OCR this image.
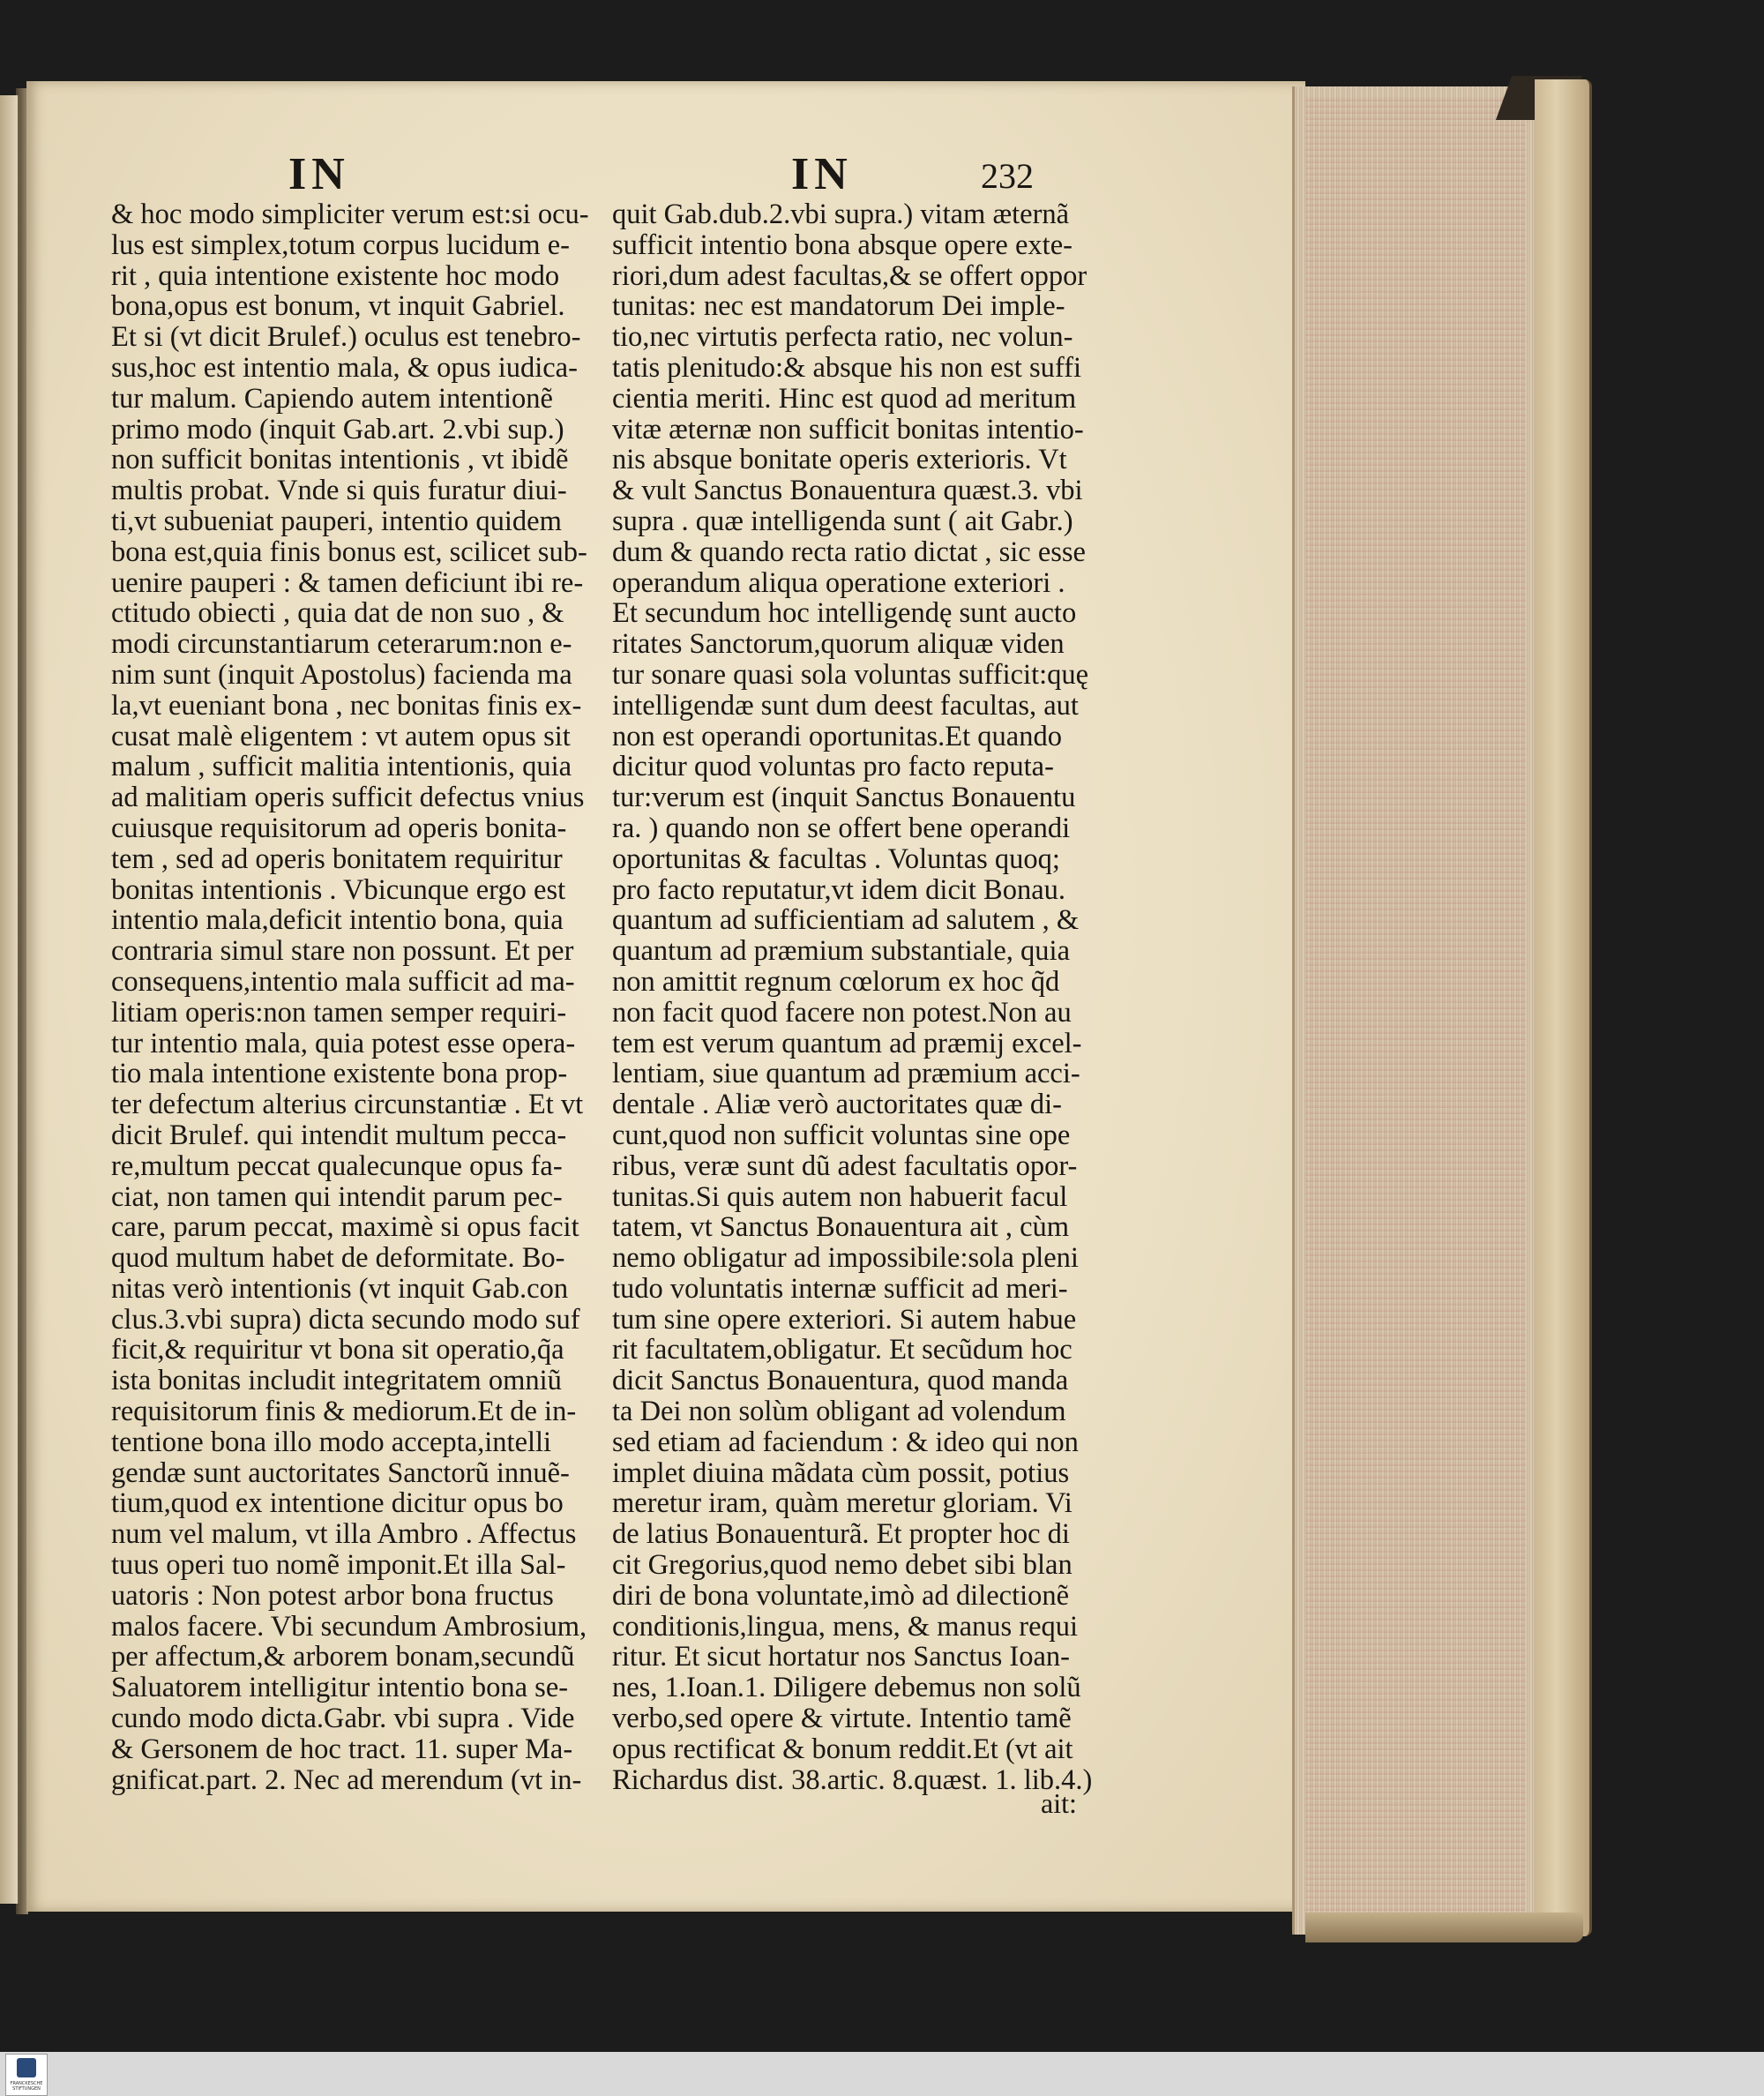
IN	IN	232
& hoc modo simpliciter verum est:si ocu-
lus est simplex,totum corpus lucidum e-
rit , quia intentione existente hoc modo
bona,opus est bonum, vt inquit Gabriel.
Et si (vt dicit Brulef.) oculus est tenebro-
sus,hoc est intentio mala, & opus iudica-
tur malum. Capiendo autem intentionẽ
primo modo (inquit Gab.art. 2.vbi sup.)
non sufficit bonitas intentionis , vt ibidẽ
multis probat. Vnde si quis furatur diui-
ti,vt subueniat pauperi, intentio quidem
bona est,quia finis bonus est, scilicet sub-
uenire pauperi : & tamen deficiunt ibi re-
ctitudo obiecti , quia dat de non suo , &
modi circunstantiarum ceterarum:non e-
nim sunt (inquit Apostolus) facienda ma
la,vt eueniant bona , nec bonitas finis ex-
cusat malè eligentem : vt autem opus sit
malum , sufficit malitia intentionis, quia
ad malitiam operis sufficit defectus vnius
cuiusque requisitorum ad operis bonita-
tem , sed ad operis bonitatem requiritur
bonitas intentionis . Vbicunque ergo est
intentio mala,deficit intentio bona, quia
contraria simul stare non possunt. Et per
consequens,intentio mala sufficit ad ma-
litiam operis:non tamen semper requiri-
tur intentio mala, quia potest esse opera-
tio mala intentione existente bona prop-
ter defectum alterius circunstantiæ . Et vt
dicit Brulef. qui intendit multum pecca-
re,multum peccat qualecunque opus fa-
ciat, non tamen qui intendit parum pec-
care, parum peccat, maximè si opus facit
quod multum habet de deformitate. Bo-
nitas verò intentionis (vt inquit Gab.con
clus.3.vbi supra) dicta secundo modo suf
ficit,& requiritur vt bona sit operatio,q̃a
ista bonitas includit integritatem omniũ
requisitorum finis & mediorum.Et de in-
tentione bona illo modo accepta,intelli
gendæ sunt auctoritates Sanctorũ innuẽ-
tium,quod ex intentione dicitur opus bo
num vel malum, vt illa Ambro . Affectus
tuus operi tuo nomẽ imponit.Et illa Sal-
uatoris : Non potest arbor bona fructus
malos facere. Vbi secundum Ambrosium,
per affectum,& arborem bonam,secundũ
Saluatorem intelligitur intentio bona se-
cundo modo dicta.Gabr. vbi supra . Vide
& Gersonem de hoc tract. 11. super Ma-
gnificat.part. 2. Nec ad merendum (vt in-
quit Gab.dub.2.vbi supra.) vitam æternã
sufficit intentio bona absque opere exte-
riori,dum adest facultas,& se offert oppor
tunitas: nec est mandatorum Dei imple-
tio,nec virtutis perfecta ratio, nec volun-
tatis plenitudo:& absque his non est suffi
cientia meriti. Hinc est quod ad meritum
vitæ æternæ non sufficit bonitas intentio-
nis absque bonitate operis exterioris. Vt
& vult Sanctus Bonauentura quæst.3. vbi
supra . quæ intelligenda sunt ( ait Gabr.)
dum & quando recta ratio dictat , sic esse
operandum aliqua operatione exteriori .
Et secundum hoc intelligendę sunt aucto
ritates Sanctorum,quorum aliquæ viden
tur sonare quasi sola voluntas sufficit:quę
intelligendæ sunt dum deest facultas, aut
non est operandi oportunitas.Et quando
dicitur quod voluntas pro facto reputa-
tur:verum est (inquit Sanctus Bonauentu
ra. ) quando non se offert bene operandi
oportunitas & facultas . Voluntas quoq;
pro facto reputatur,vt idem dicit Bonau.
quantum ad sufficientiam ad salutem , &
quantum ad præmium substantiale, quia
non amittit regnum cœlorum ex hoc q̃d
non facit quod facere non potest.Non au
tem est verum quantum ad præmij excel-
lentiam, siue quantum ad præmium acci-
dentale . Aliæ verò auctoritates quæ di-
cunt,quod non sufficit voluntas sine ope
ribus, veræ sunt dũ adest facultatis opor-
tunitas.Si quis autem non habuerit facul
tatem, vt Sanctus Bonauentura ait , cùm
nemo obligatur ad impossibile:sola pleni
tudo voluntatis internæ sufficit ad meri-
tum sine opere exteriori. Si autem habue
rit facultatem,obligatur. Et secũdum hoc
dicit Sanctus Bonauentura, quod manda
ta Dei non solùm obligant ad volendum
sed etiam ad faciendum : & ideo qui non
implet diuina mãdata cùm possit, potius
meretur iram, quàm meretur gloriam. Vi
de latius Bonauenturã. Et propter hoc di
cit Gregorius,quod nemo debet sibi blan
diri de bona voluntate,imò ad dilectionẽ
conditionis,lingua, mens, & manus requi
ritur. Et sicut hortatur nos Sanctus Ioan-
nes, 1.Ioan.1. Diligere debemus non solũ
verbo,sed opere & virtute. Intentio tamẽ
opus rectificat & bonum reddit.Et (vt ait
Richardus dist. 38.artic. 8.quæst. 1. lib.4.)
ait:
FRANCKESCHE STIFTUNGEN
